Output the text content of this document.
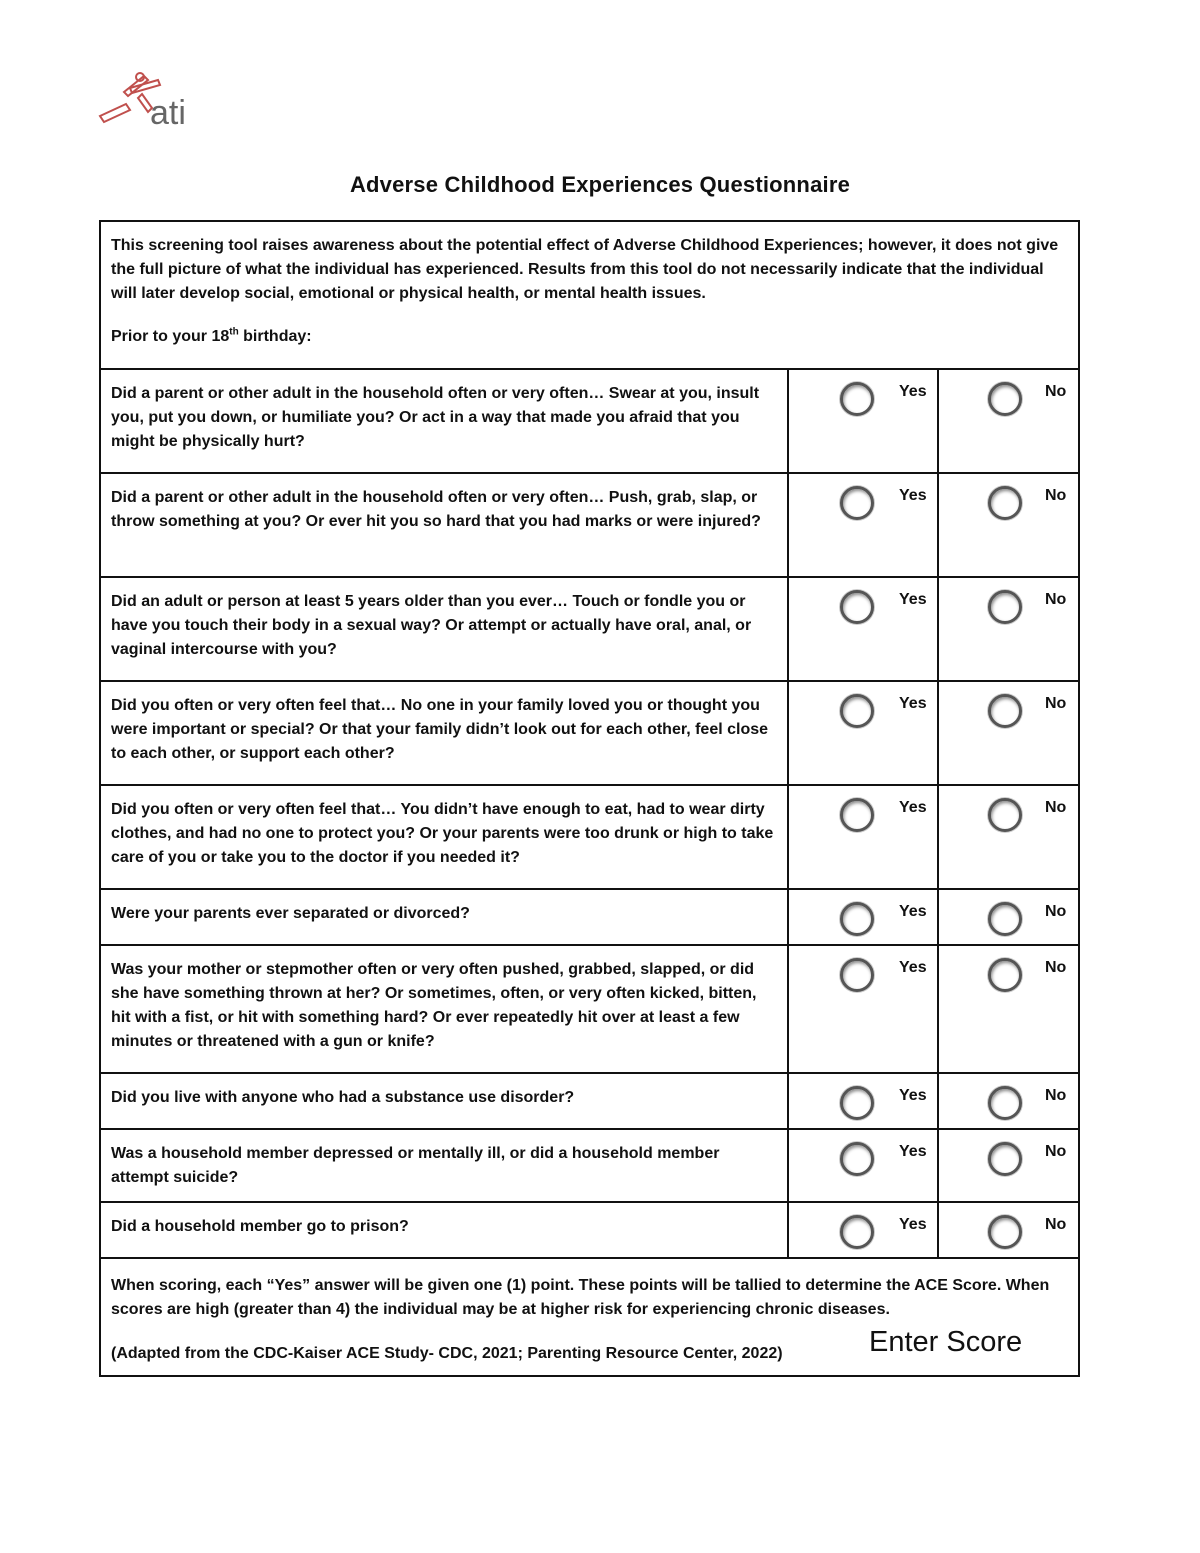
ati
Adverse Childhood Experiences Questionnaire

This screening tool raises awareness about the potential effect of Adverse Childhood Experiences; however, it does not give the full picture of what the individual has experienced. Results from this tool do not necessarily indicate that the individual will later develop social, emotional or physical health, or mental health issues.

Prior to your 18th birthday:

Did a parent or other adult in the household often or very often… Swear at you, insult you, put you down, or humiliate you? Or act in a way that made you afraid that you might be physically hurt?
Yes	No
Did a parent or other adult in the household often or very often… Push, grab, slap, or throw something at you? Or ever hit you so hard that you had marks or were injured?
Yes	No
Did an adult or person at least 5 years older than you ever… Touch or fondle you or have you touch their body in a sexual way? Or attempt or actually have oral, anal, or vaginal intercourse with you?
Yes	No
Did you often or very often feel that… No one in your family loved you or thought you were important or special? Or that your family didn’t look out for each other, feel close to each other, or support each other?
Yes	No
Did you often or very often feel that… You didn’t have enough to eat, had to wear dirty clothes, and had no one to protect you? Or your parents were too drunk or high to take care of you or take you to the doctor if you needed it?
Yes	No
Were your parents ever separated or divorced?	Yes	No
Was your mother or stepmother often or very often pushed, grabbed, slapped, or did she have something thrown at her? Or sometimes, often, or very often kicked, bitten, hit with a fist, or hit with something hard? Or ever repeatedly hit over at least a few minutes or threatened with a gun or knife?
Yes	No
Did you live with anyone who had a substance use disorder?	Yes	No
Was a household member depressed or mentally ill, or did a household member attempt suicide?
Yes	No
Did a household member go to prison?	Yes	No

When scoring, each “Yes” answer will be given one (1) point. These points will be tallied to determine the ACE Score. When scores are high (greater than 4) the individual may be at higher risk for experiencing chronic diseases.

(Adapted from the CDC-Kaiser ACE Study- CDC, 2021; Parenting Resource Center, 2022)	Enter Score
